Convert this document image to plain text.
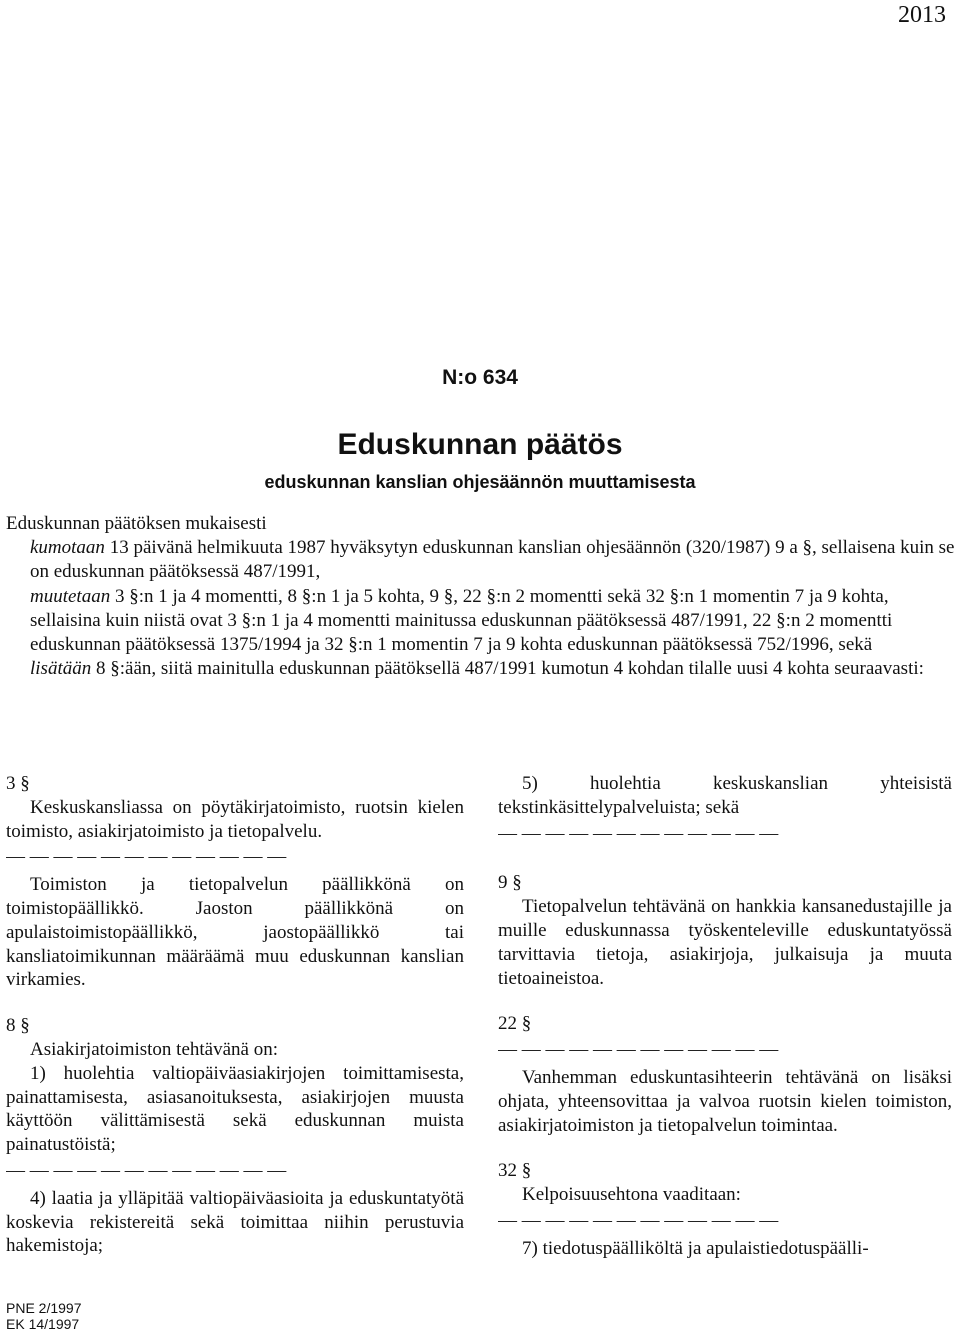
2013
N:o 634
Eduskunnan päätös
eduskunnan kanslian ohjesäännön muuttamisesta

Eduskunnan päätöksen mukaisesti

kumotaan 13 päivänä helmikuuta 1987 hyväksytyn eduskunnan kanslian ohjesäännön (320/1987) 9 a §, sellaisena kuin se on eduskunnan päätöksessä 487/1991,

muutetaan 3 §:n 1 ja 4 momentti, 8 §:n 1 ja 5 kohta, 9 §, 22 §:n 2 momentti sekä 32 §:n 1 momentin 7 ja 9 kohta,

sellaisina kuin niistä ovat 3 §:n 1 ja 4 momentti mainitussa eduskunnan päätöksessä 487/1991, 22 §:n 2 momentti eduskunnan päätöksessä 1375/1994 ja 32 §:n 1 momentin 7 ja 9 kohta eduskunnan päätöksessä 752/1996, sekä

lisätään 8 §:ään, siitä mainitulla eduskunnan päätöksellä 487/1991 kumotun 4 kohdan tilalle uusi 4 kohta seuraavasti:

3 §

Keskuskansliassa on pöytäkirjatoimisto, ruotsin kielen toimisto, asiakirjatoimisto ja tietopalvelu.

— — — — — — — — — — — —

Toimiston ja tietopalvelun päällikkönä on toimistopäällikkö. Jaoston päällikkönä on apulaistoimistopäällikkö, jaostopäällikkö tai kansliatoimikunnan määräämä muu eduskunnan kanslian virkamies.

8 §

Asiakirjatoimiston tehtävänä on:

1) huolehtia valtiopäiväasiakirjojen toimittamisesta, painattamisesta, asiasanoituksesta, asiakirjojen muusta käyttöön välittämisestä sekä eduskunnan muista painatustöistä;

— — — — — — — — — — — —

4) laatia ja ylläpitää valtiopäiväasioita ja eduskuntatyötä koskevia rekistereitä sekä toimittaa niihin perustuvia hakemistoja;

5) huolehtia keskuskanslian yhteisistä tekstinkäsittelypalveluista; sekä

— — — — — — — — — — — —

9 §

Tietopalvelun tehtävänä on hankkia kansanedustajille ja muille eduskunnassa työskenteleville eduskuntatyössä tarvittavia tietoja, asiakirjoja, julkaisuja ja muuta tietoaineistoa.

22 §

— — — — — — — — — — — —

Vanhemman eduskuntasihteerin tehtävänä on lisäksi ohjata, yhteensovittaa ja valvoa ruotsin kielen toimiston, asiakirjatoimiston ja tietopalvelun toimintaa.

32 §

Kelpoisuusehtona vaaditaan:

— — — — — — — — — — — —

7) tiedotuspäälliköltä ja apulaistiedotuspäälli-

PNE 2/1997
EK 14/1997
